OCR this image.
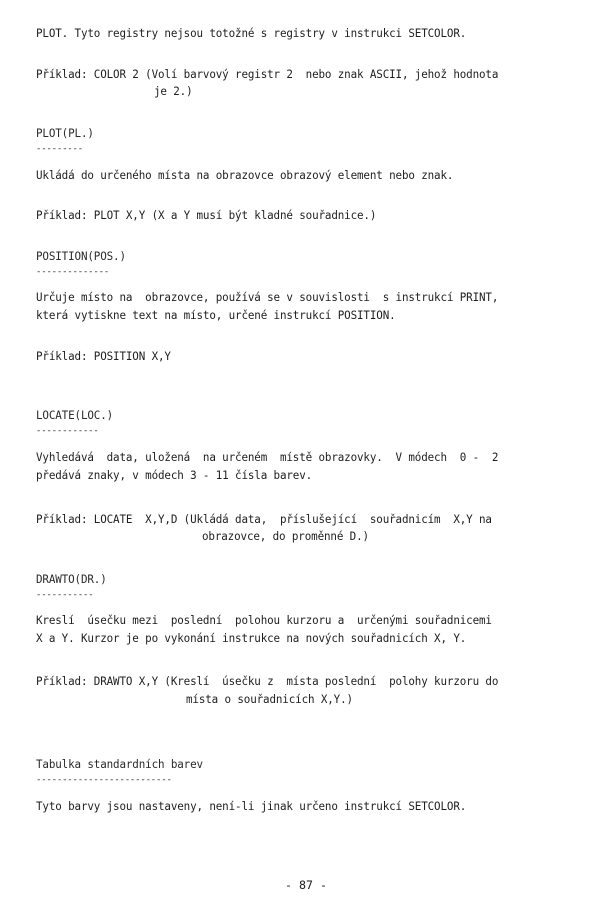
PLOT. Tyto registry nejsou totožné s registry v instrukci SETCOLOR.
Příklad: COLOR 2 (Volí barvový registr 2  nebo znak ASCII, jehož hodnota
je 2.)
PLOT(PL.)
---------
Ukládá do určeného místa na obrazovce obrazový element nebo znak.
Příklad: PLOT X,Y (X a Y musí být kladné souřadnice.)
POSITION(POS.)
--------------
Určuje místo na  obrazovce, používá se v souvislosti  s instrukcí PRINT,
která vytiskne text na místo, určené instrukcí POSITION.
Příklad: POSITION X,Y
LOCATE(LOC.)
------------
Vyhledává  data, uložená  na určeném  místě obrazovky.  V módech  0 -  2
předává znaky, v módech 3 - 11 čísla barev.
Příklad: LOCATE  X,Y,D (Ukládá data,  příslušející  souřadnicím  X,Y na
obrazovce, do proměnné D.)
DRAWTO(DR.)
-----------
Kreslí  úsečku mezi  poslední  polohou kurzoru a  určenými souřadnicemi
X a Y. Kurzor je po vykonání instrukce na nových souřadnicích X, Y.
Příklad: DRAWTO X,Y (Kreslí  úsečku z  místa poslední  polohy kurzoru do
místa o souřadnicích X,Y.)
Tabulka standardních barev
--------------------------
Tyto barvy jsou nastaveny, není-li jinak určeno instrukcí SETCOLOR.
- 87 -
